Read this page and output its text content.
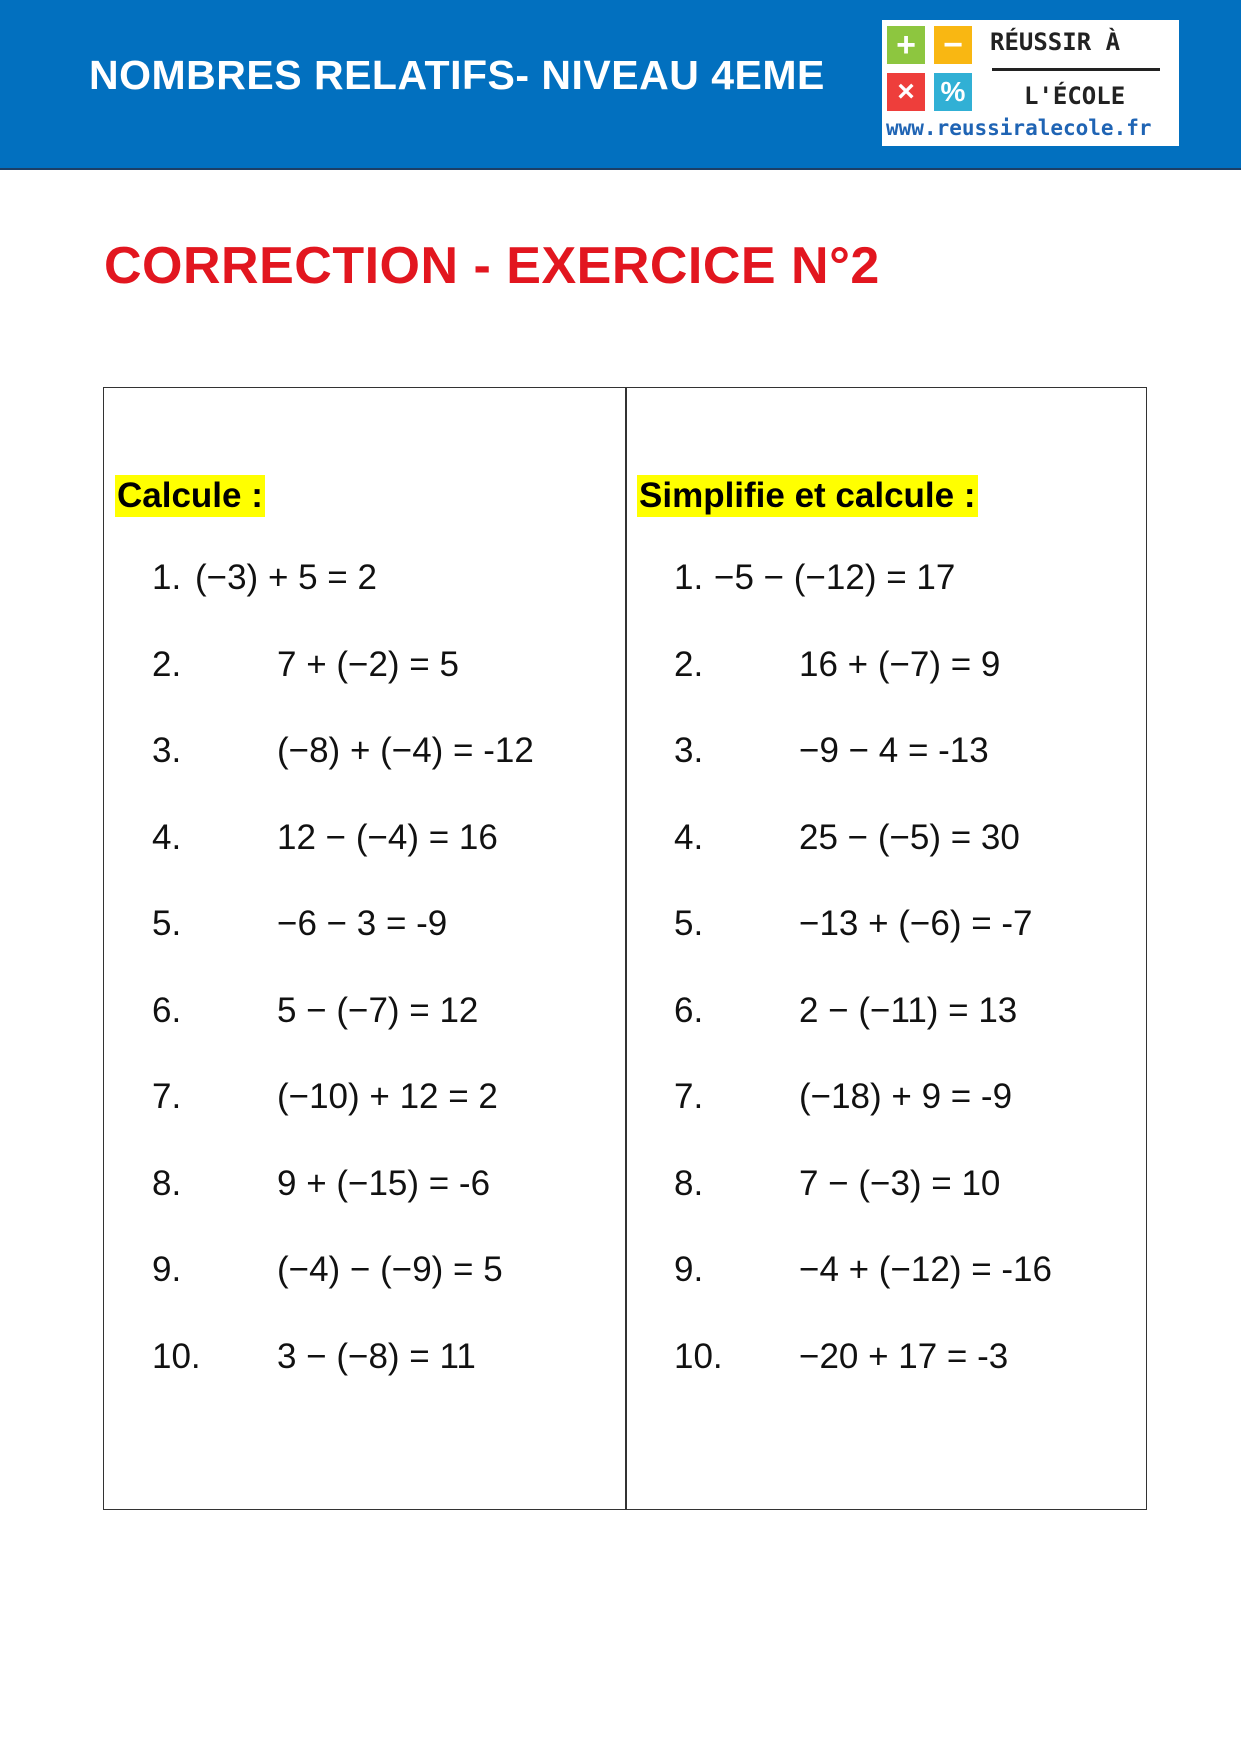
NOMBRES RELATIFS- NIVEAU 4EME
+ −
× %
RÉUSSIR À
L'ÉCOLE
www.reussiralecole.fr
CORRECTION - EXERCICE N°2
Calcule :
1. (−3) + 5 = 2
2.	7 + (−2) = 5
3.	(−8) + (−4) = -12
4.	12 − (−4) = 16
5.	−6 − 3 = -9
6.	5 − (−7) = 12
7.	(−10) + 12 = 2
8.	9 + (−15) = -6
9.	(−4) − (−9) = 5
10. 3 − (−8) = 11
Simplifie et calcule :
1. −5 − (−12) = 17
2.	16 + (−7) = 9
3.	−9 − 4 = -13
4.	25 − (−5) = 30
5.	−13 + (−6) = -7
6.	2 − (−11) = 13
7.	(−18) + 9 = -9
8.	7 − (−3) = 10
9.	−4 + (−12) = -16
10. −20 + 17 = -3
